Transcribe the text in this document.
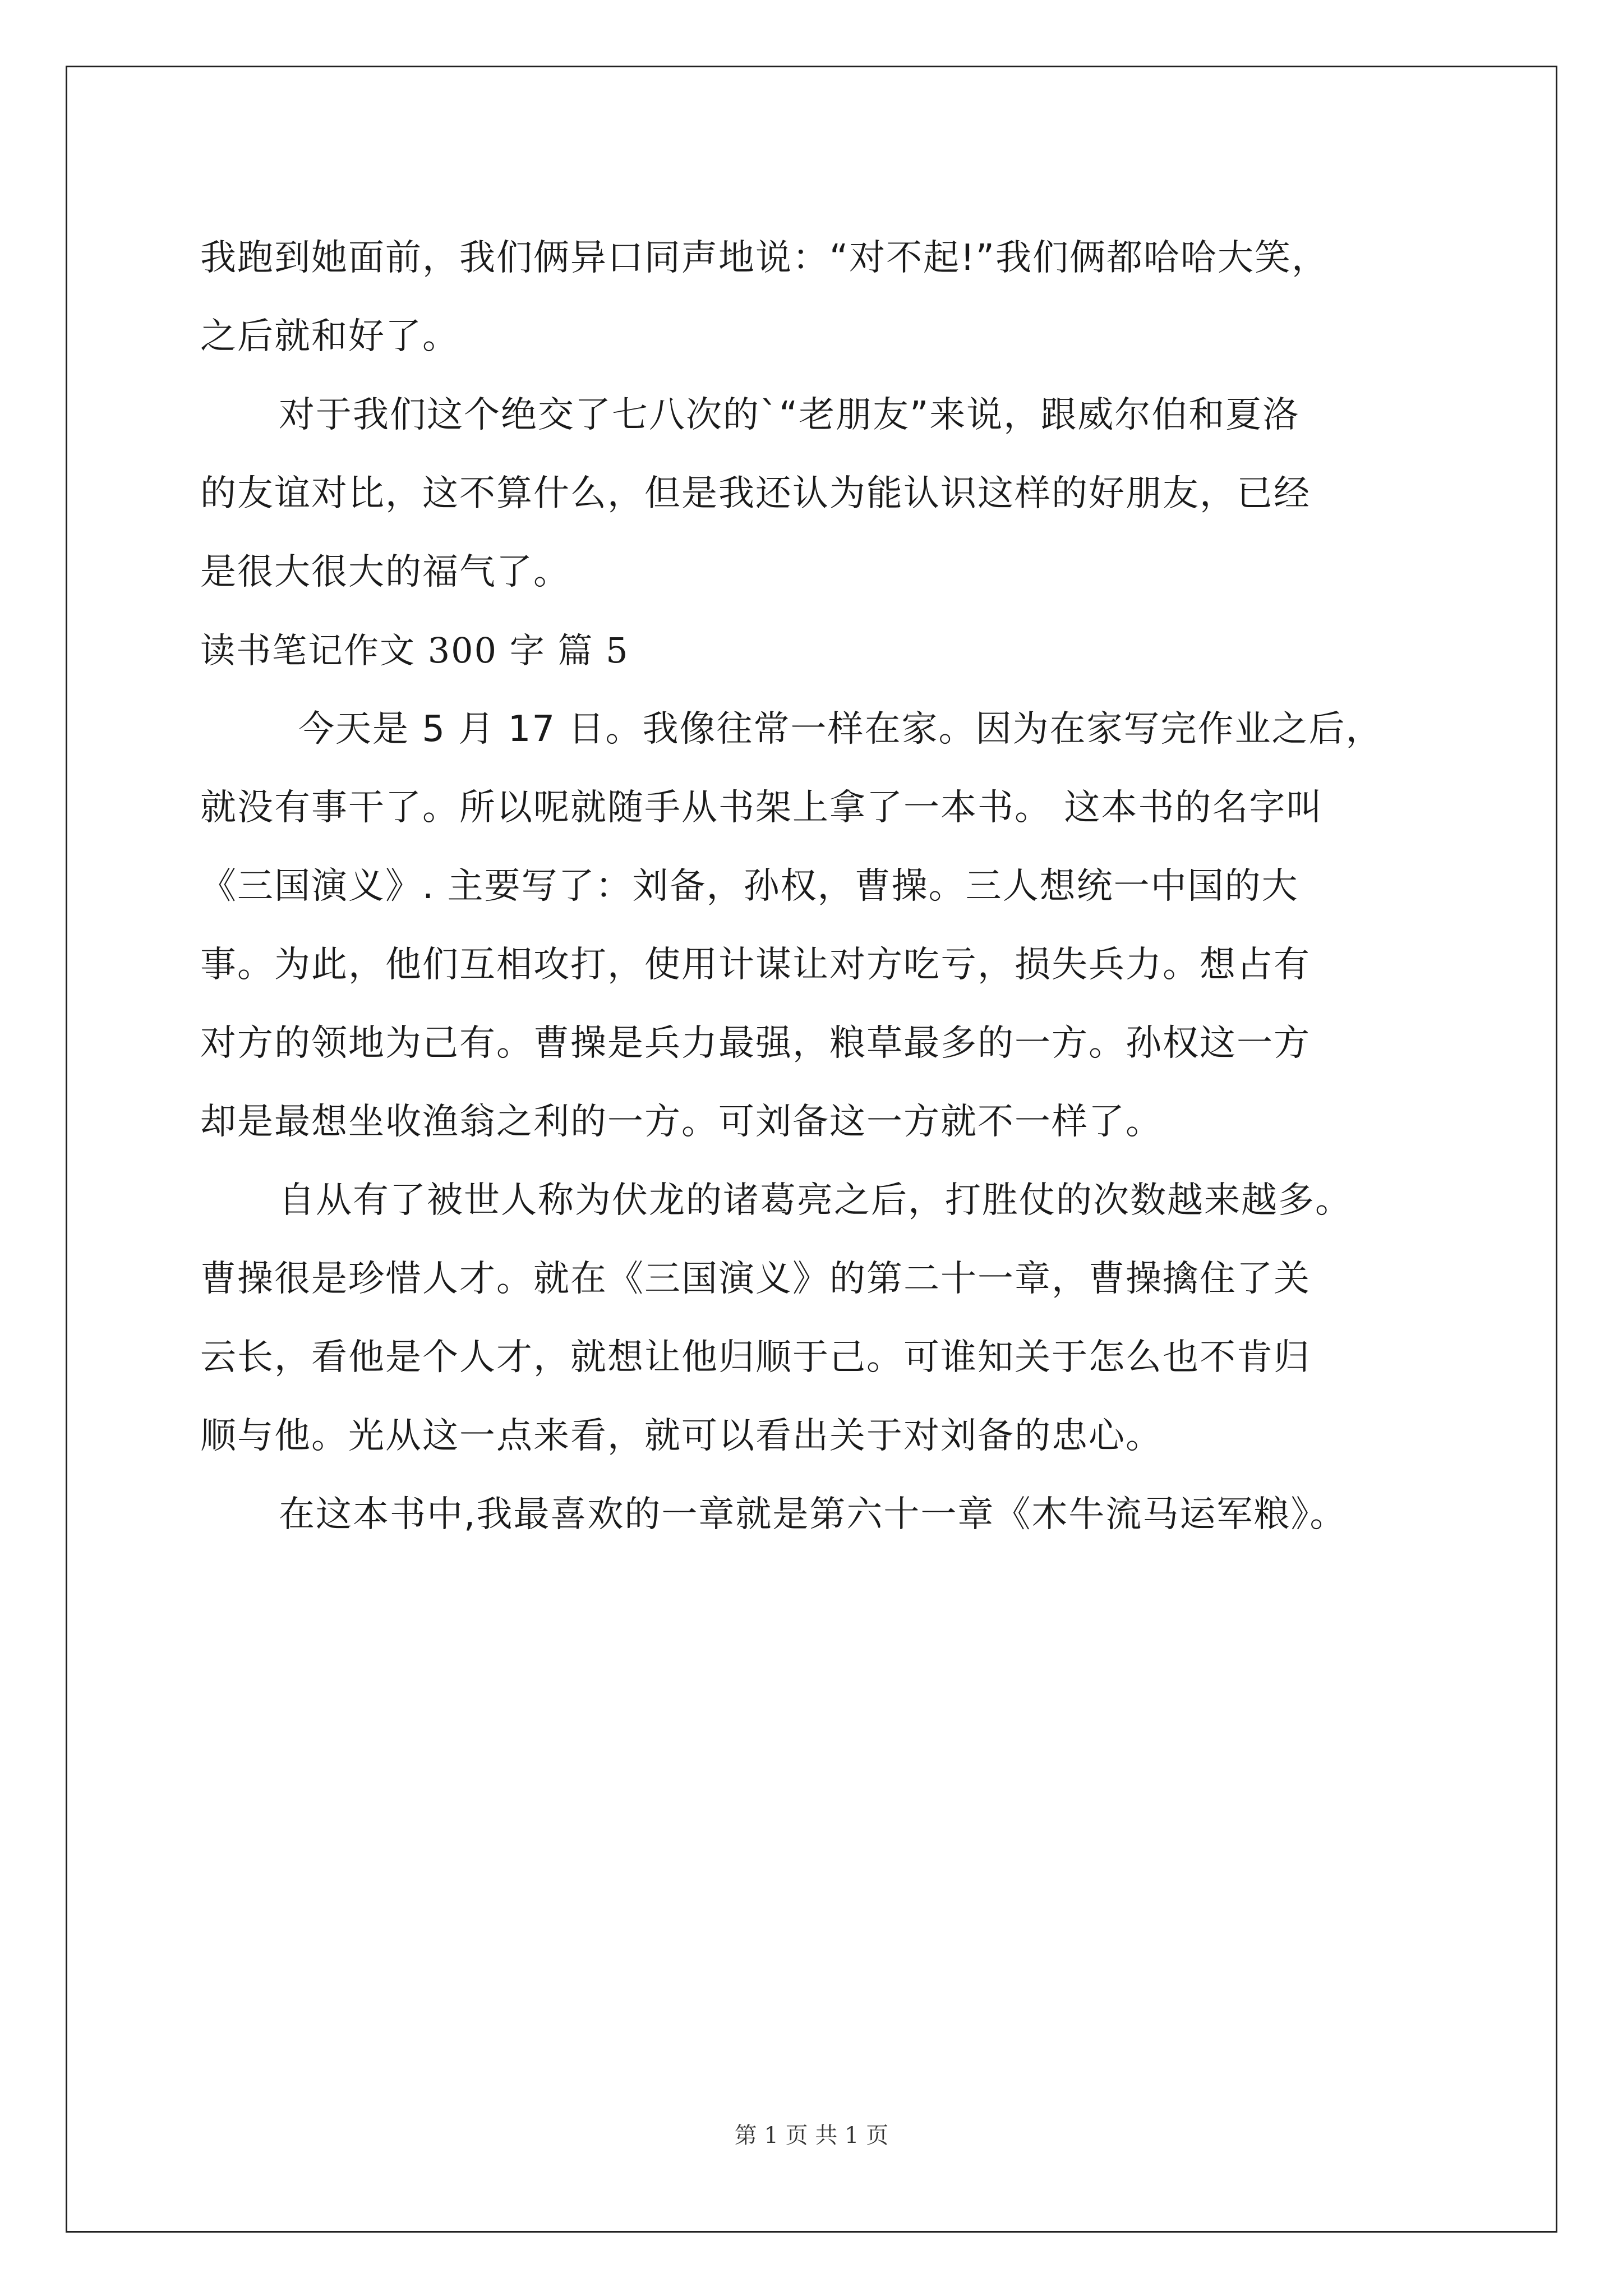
我跑到她面前，我们俩异口同声地说：“对不起!”我们俩都哈哈大笑，
之后就和好了。
对于我们这个绝交了七八次的`“老朋友”来说，跟威尔伯和夏洛
的友谊对比，这不算什么，但是我还认为能认识这样的好朋友，已经
是很大很大的福气了。
读书笔记作文 300 字 篇 5
今天是 5 月 17 日。我像往常一样在家。因为在家写完作业之后，
就没有事干了。所以呢就随手从书架上拿了一本书。 这本书的名字叫
《三国演义》. 主要写了：刘备，孙权，曹操。三人想统一中国的大
事。为此，他们互相攻打，使用计谋让对方吃亏，损失兵力。想占有
对方的领地为己有。曹操是兵力最强，粮草最多的一方。孙权这一方
却是最想坐收渔翁之利的一方。可刘备这一方就不一样了。
自从有了被世人称为伏龙的诸葛亮之后，打胜仗的次数越来越多。
曹操很是珍惜人才。就在《三国演义》的第二十一章，曹操擒住了关
云长，看他是个人才，就想让他归顺于己。可谁知关于怎么也不肯归
顺与他。光从这一点来看，就可以看出关于对刘备的忠心。
在这本书中,我最喜欢的一章就是第六十一章《木牛流马运军粮》。
第 1 页 共 1 页
